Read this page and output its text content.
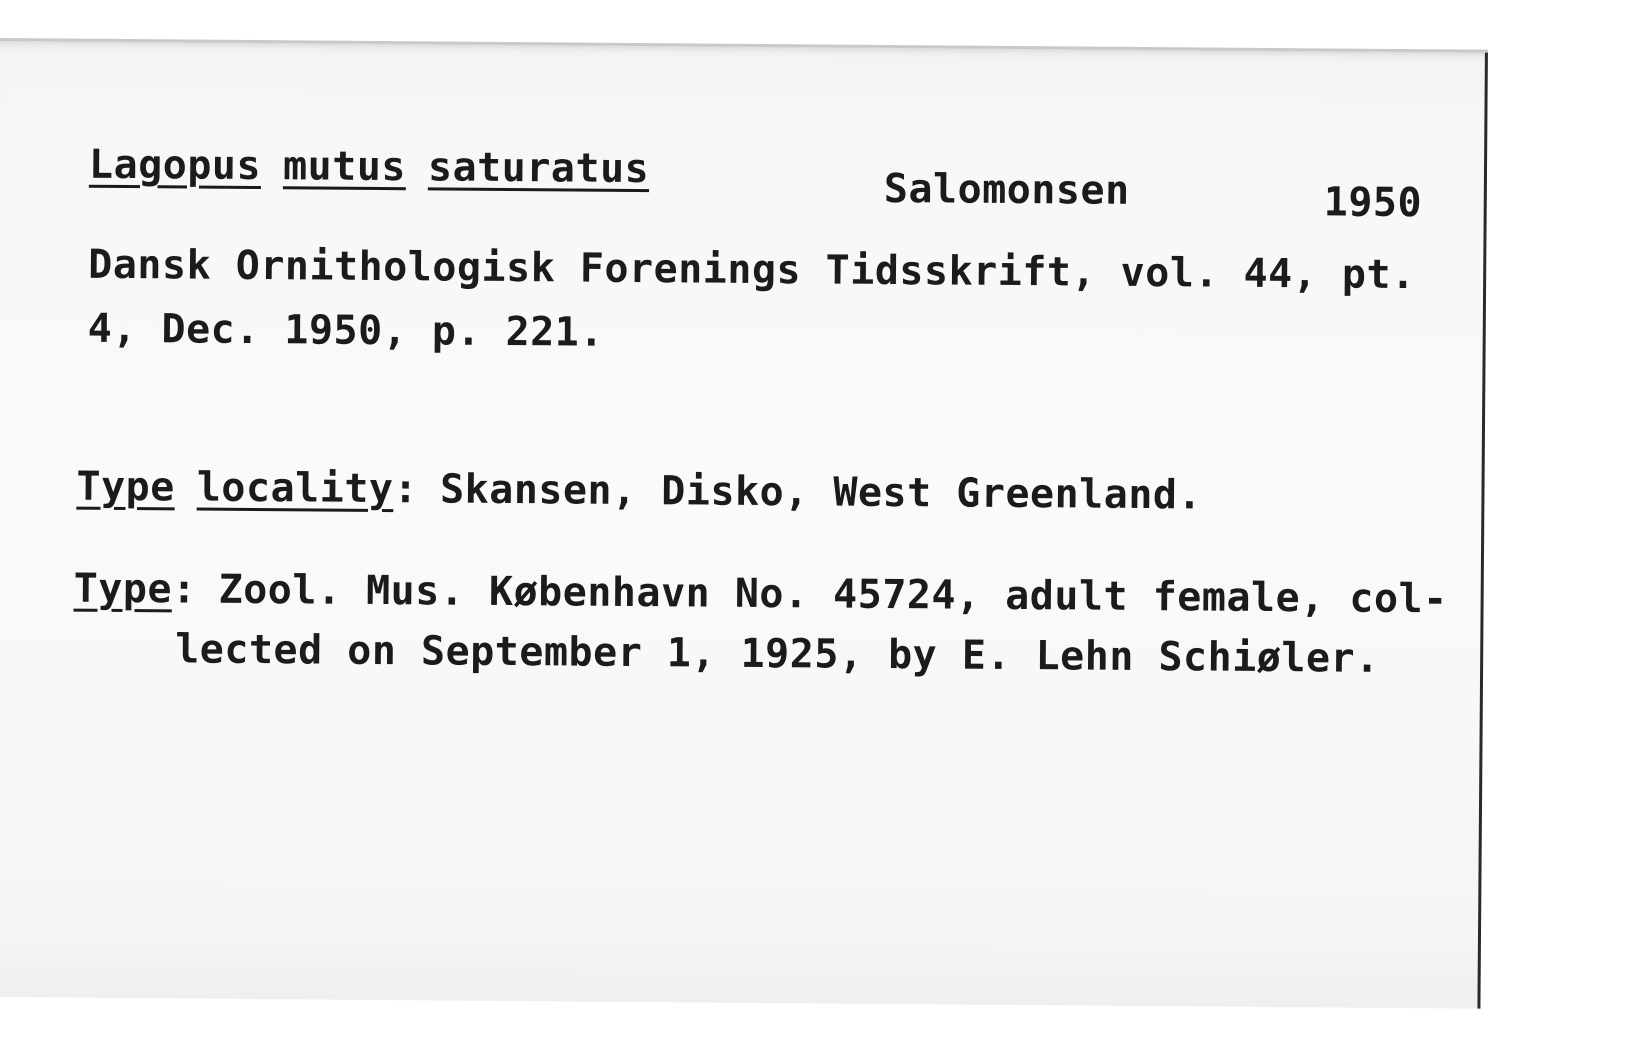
Lagopus mutus saturatus	Salomonsen	1950
Dansk Ornithologisk Forenings Tidsskrift, vol. 44, pt.
4, Dec. 1950, p. 221.
Type locality: Skansen, Disko, West Greenland.
Type: Zool. Mus. København No. 45724, adult female, col-
lected on September 1, 1925, by E. Lehn Schiøler.
